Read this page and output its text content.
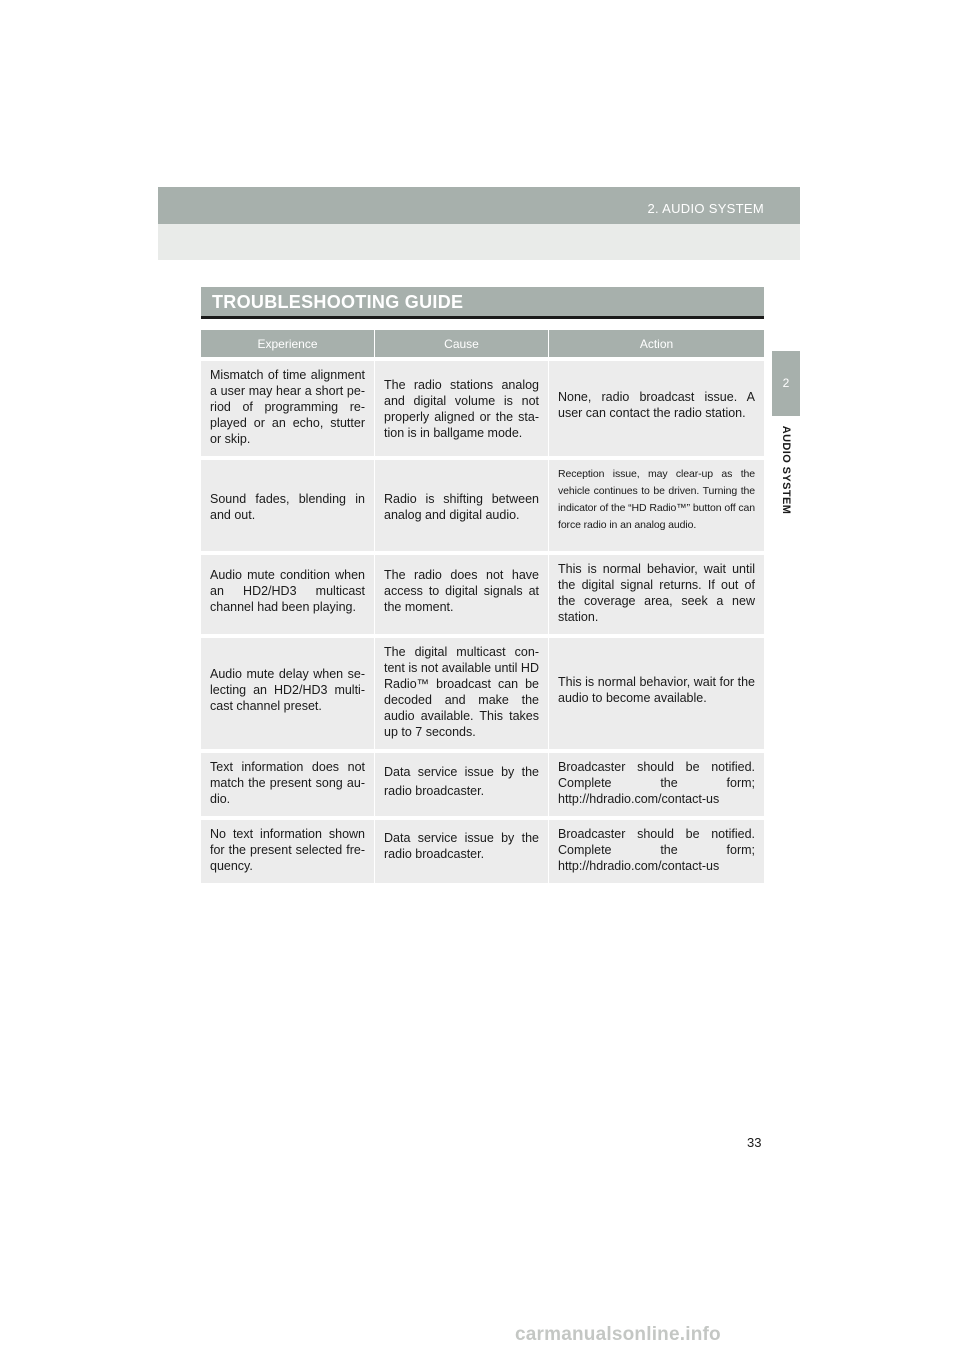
2. AUDIO SYSTEM
2
AUDIO SYSTEM
TROUBLESHOOTING GUIDE
Experience	Cause	Action

Mismatch of time alignment a user may hear a short pe- riod of programming re- played or an echo, stutter or skip.	The radio stations analog and digital volume is not properly aligned or the sta- tion is in ballgame mode.	None, radio broadcast issue. A user can contact the radio station.

Sound fades, blending in and out.	Radio is shifting between analog and digital audio.	Reception issue, may clear-up as the vehicle continues to be driven. Turning the indicator of the “HD Radio™” button off can force radio in an analog audio.

Audio mute condition when an HD2/HD3 multicast channel had been playing.	The radio does not have access to digital signals at the moment.	This is normal behavior, wait until the digital signal returns. If out of the coverage area, seek a new station.

Audio mute delay when se- lecting an HD2/HD3 multi- cast channel preset.	The digital multicast con- tent is not available until HD Radio™ broadcast can be decoded and make the audio available. This takes up to 7 seconds.	This is normal behavior, wait for the audio to become available.

Text information does not match the present song au- dio.	Data service issue by the radio broadcaster.	Broadcaster should be notified. Complete the form; http://hdradio.com/contact-us

No text information shown for the present selected fre- quency.	Data service issue by the radio broadcaster.	Broadcaster should be notified. Complete the form; http://hdradio.com/contact-us
33
carmanualsonline.info
